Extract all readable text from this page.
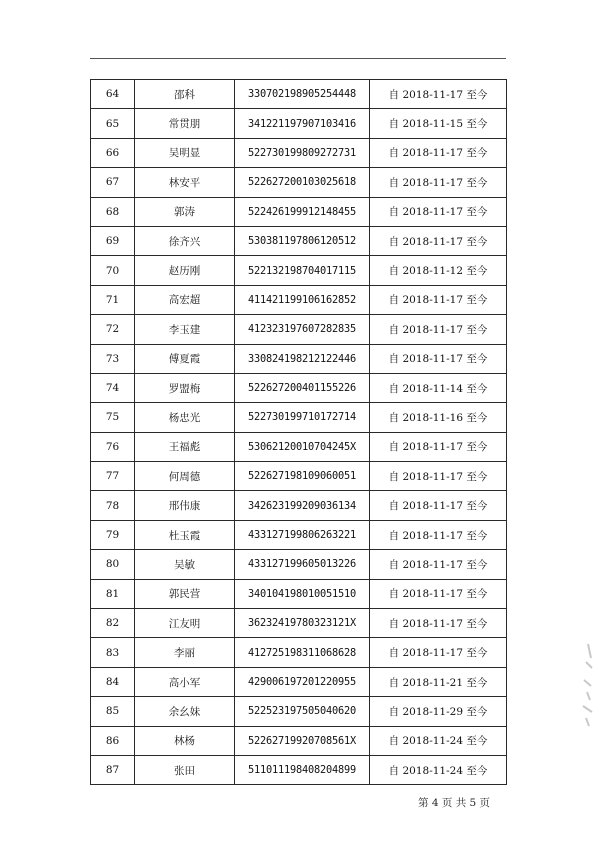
64	邵科	330702198905254448	自 2018-11-17 至今
65	常贯朋	341221197907103416	自 2018-11-15 至今
66	吴明显	522730199809272731	自 2018-11-17 至今
67	林安平	522627200103025618	自 2018-11-17 至今
68	郭涛	522426199912148455	自 2018-11-17 至今
69	徐齐兴	530381197806120512	自 2018-11-17 至今
70	赵历刚	522132198704017115	自 2018-11-12 至今
71	高宏超	411421199106162852	自 2018-11-17 至今
72	李玉建	412323197607282835	自 2018-11-17 至今
73	傅夏霞	330824198212122446	自 2018-11-17 至今
74	罗盟梅	522627200401155226	自 2018-11-14 至今
75	杨忠光	522730199710172714	自 2018-11-16 至今
76	王福彪	53062120010704245X	自 2018-11-17 至今
77	何周德	522627198109060051	自 2018-11-17 至今
78	邢伟康	342623199209036134	自 2018-11-17 至今
79	杜玉霞	433127199806263221	自 2018-11-17 至今
80	吴敏	433127199605013226	自 2018-11-17 至今
81	郭民营	340104198010051510	自 2018-11-17 至今
82	江友明	36232419780323121X	自 2018-11-17 至今
83	李丽	412725198311068628	自 2018-11-17 至今
84	高小军	429006197201220955	自 2018-11-21 至今
85	余幺妹	522523197505040620	自 2018-11-29 至今
86	林杨	52262719920708561X	自 2018-11-24 至今
87	张田	511011198408204899	自 2018-11-24 至今
第 4 页 共 5 页
